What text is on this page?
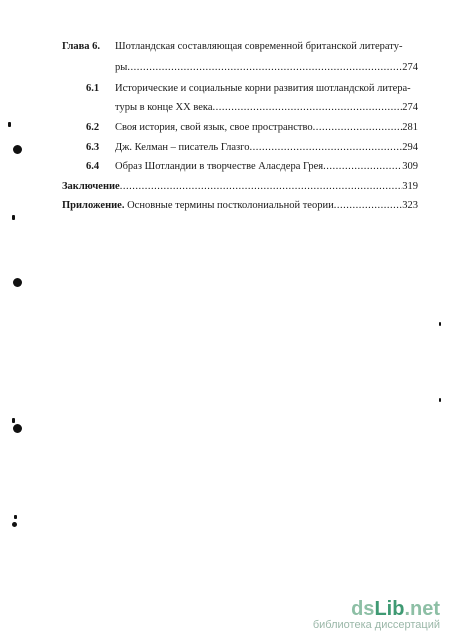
Глава 6. Шотландская составляющая современной британской литерату-
ры .....	274
6.1 Исторические и социальные корни развития шотландской литера-
туры в конце XX века .....	274
6.2 Своя история, свой язык, свое пространство .....	281
6.3 Дж. Келман – писатель Глазго .....	294
6.4 Образ Шотландии в творчестве Аласдера Грея .....	309
Заключение .....	319
Приложение. Основные термины постколониальной теории .....	323
dsLib.net
библиотека диссертаций
